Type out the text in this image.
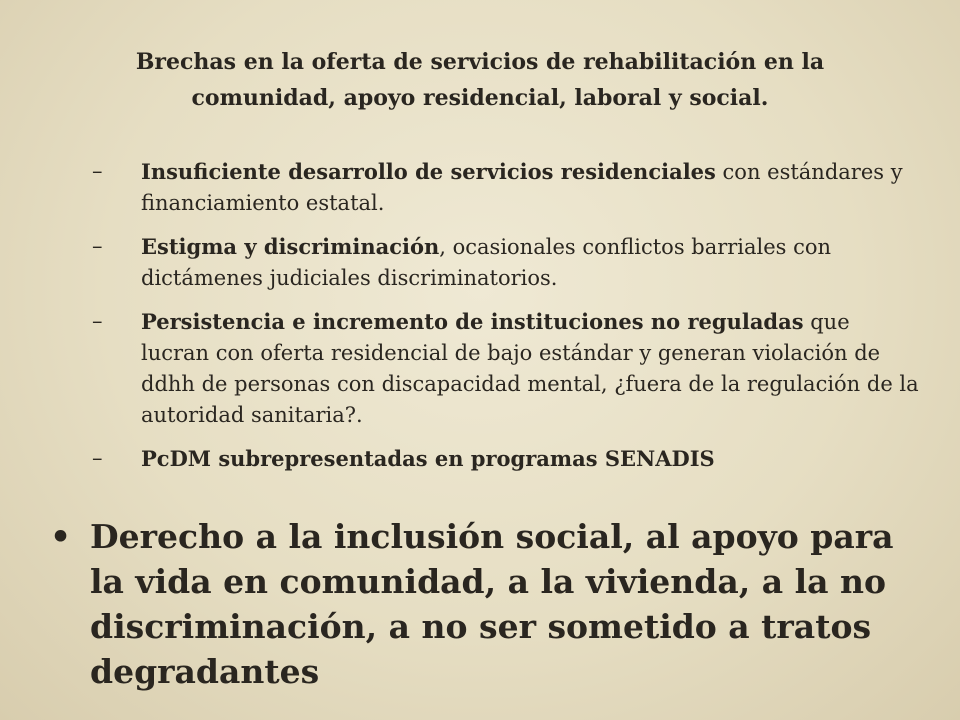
Brechas en la oferta de servicios de rehabilitación en la comunidad, apoyo residencial, laboral y social.
– Insuficiente desarrollo de servicios residenciales con estándares y financiamiento estatal.
– Estigma y discriminación, ocasionales conflictos barriales con dictámenes judiciales discriminatorios.
– Persistencia e incremento de instituciones no reguladas que lucran con oferta residencial de bajo estándar y generan violación de ddhh de personas con discapacidad mental, ¿fuera de la regulación de la autoridad sanitaria?.
– PcDM subrepresentadas en programas SENADIS
• Derecho a la inclusión social, al apoyo para la vida en comunidad, a la vivienda, a la no discriminación, a no ser sometido a tratos degradantes
